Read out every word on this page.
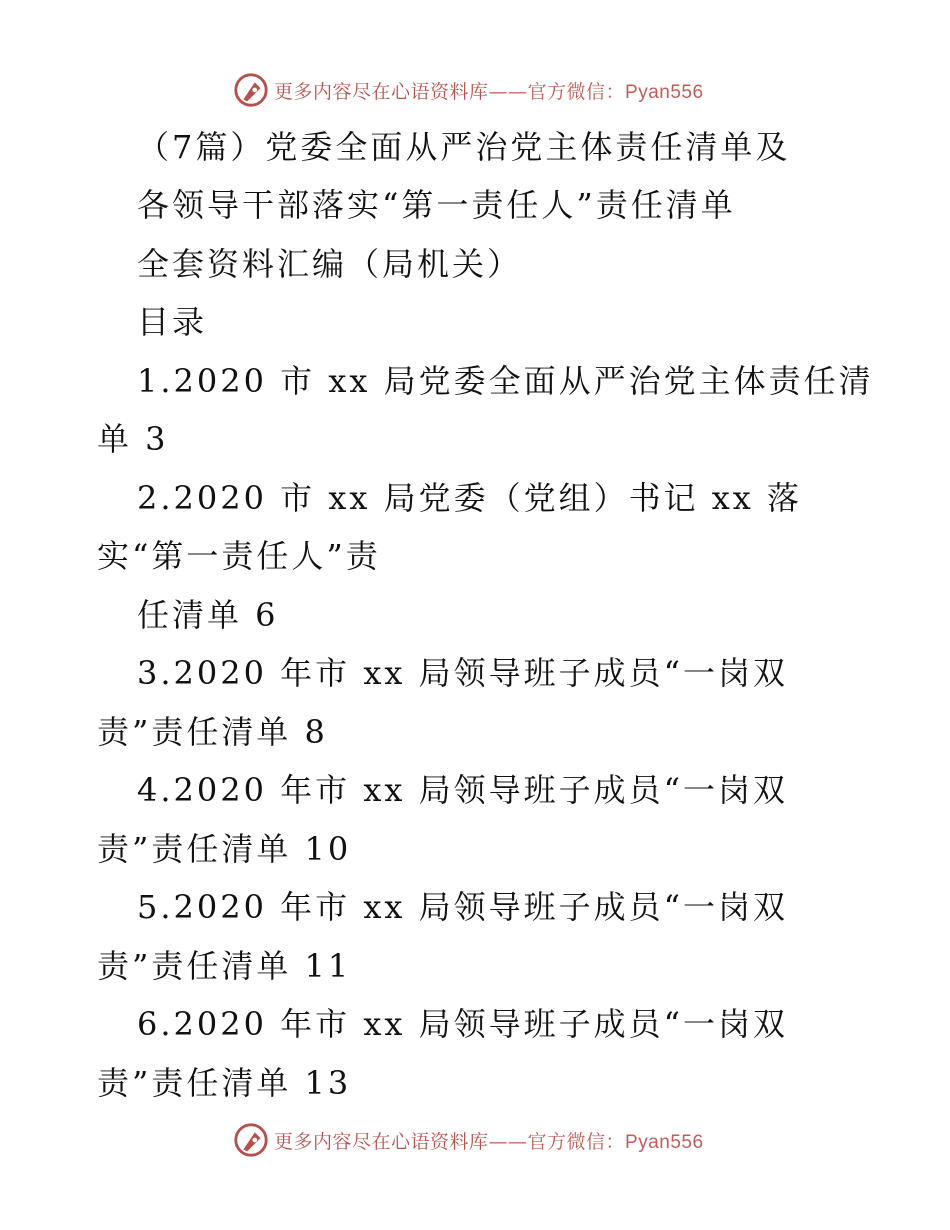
更多内容尽在心语资料库——官方微信：Pyan556
（7篇）党委全面从严治党主体责任清单及
各领导干部落实“第一责任人”责任清单
全套资料汇编（局机关）
目录
1.2020 市 xx 局党委全面从严治党主体责任清
单 3
2.2020 市 xx 局党委（党组）书记 xx 落
实“第一责任人”责
任清单 6
3.2020 年市 xx 局领导班子成员“一岗双
责”责任清单 8
4.2020 年市 xx 局领导班子成员“一岗双
责”责任清单 10
5.2020 年市 xx 局领导班子成员“一岗双
责”责任清单 11
6.2020 年市 xx 局领导班子成员“一岗双
责”责任清单 13
更多内容尽在心语资料库——官方微信：Pyan556
